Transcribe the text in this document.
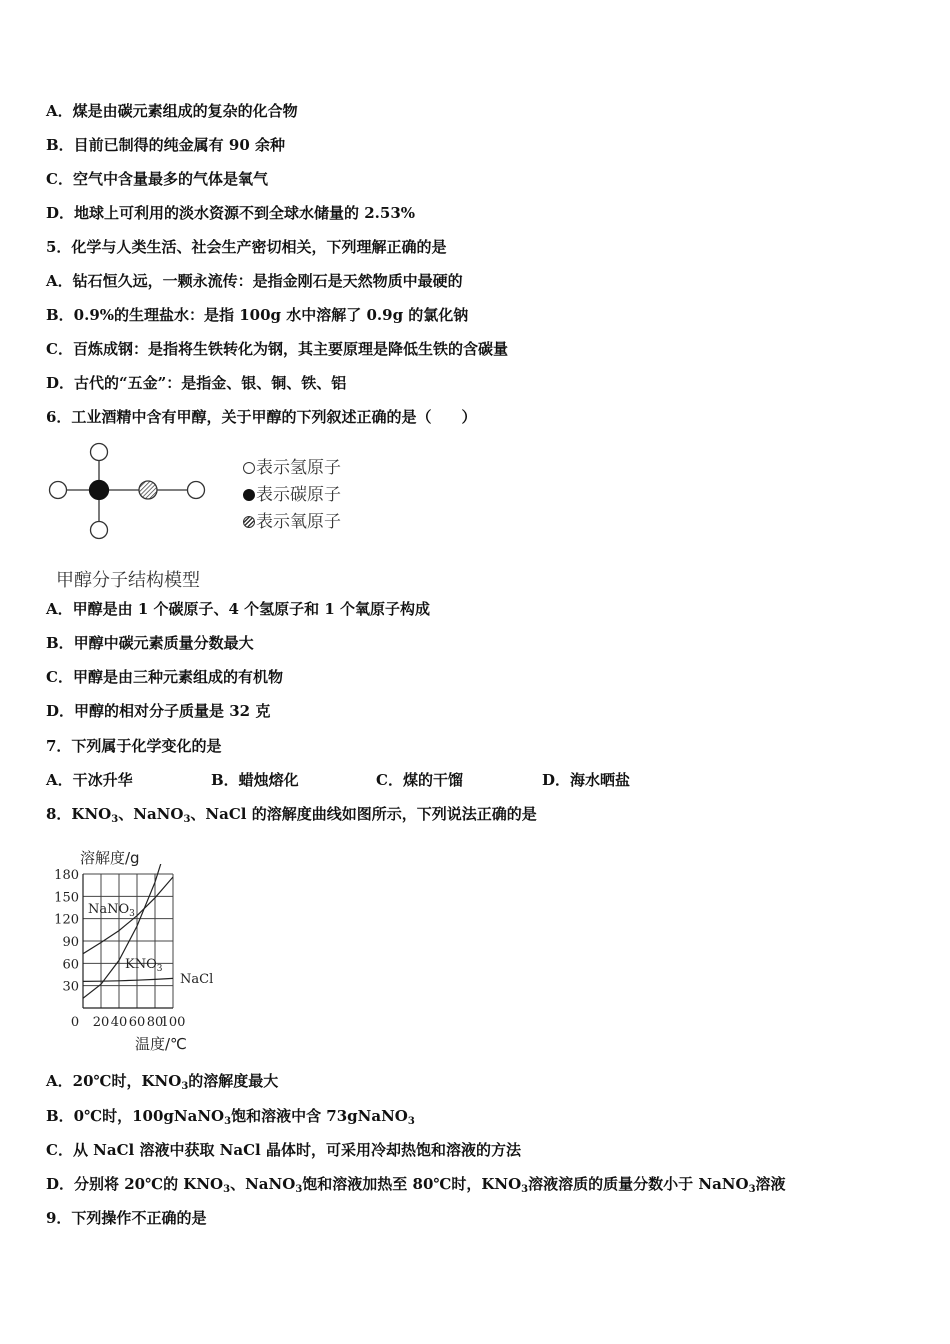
A．煤是由碳元素组成的复杂的化合物
B．目前已制得的纯金属有 90 余种
C．空气中含量最多的气体是氧气
D．地球上可利用的淡水资源不到全球水储量的 2.53%
5．化学与人类生活、社会生产密切相关，下列理解正确的是
A．钻石恒久远，一颗永流传：是指金刚石是天然物质中最硬的
B．0.9%的生理盐水：是指 100g 水中溶解了 0.9g 的氯化钠
C．百炼成钢：是指将生铁转化为钢，其主要原理是降低生铁的含碳量
D．古代的“五金”：是指金、银、铜、铁、铝
6．工业酒精中含有甲醇，关于甲醇的下列叙述正确的是（　　）
表示氢原子
表示碳原子
表示氧原子
甲醇分子结构模型
A．甲醇是由 1 个碳原子、4 个氢原子和 1 个氧原子构成
B．甲醇中碳元素质量分数最大
C．甲醇是由三种元素组成的有机物
D．甲醇的相对分子质量是 32 克
7．下列属于化学变化的是
A．干冰升华	B．蜡烛熔化	C．煤的干馏	D．海水晒盐
8．$KNO_3$、NaNO$_3$、NaCl 的溶解度曲线如图所示，下列说法正确的是
30
60
90
120
150
180
0 20 40 60 80
100
溶解度/g
温度/℃
NaNO$_3$
$KNO_3$
NaCl
A．20℃时，$KNO_3$的溶解度最大
B．0℃时，100gNaNO$_3$饱和溶液中含 73gNaNO$_3$
C．从 NaCl 溶液中获取 NaCl 晶体时，可采用冷却热饱和溶液的方法
D．分别将 20℃的 $KNO_3$、NaNO$_3$饱和溶液加热至 80℃时，$KNO_3$溶液溶质的质量分数小于 NaNO$_3$溶液
9．下列操作不正确的是
